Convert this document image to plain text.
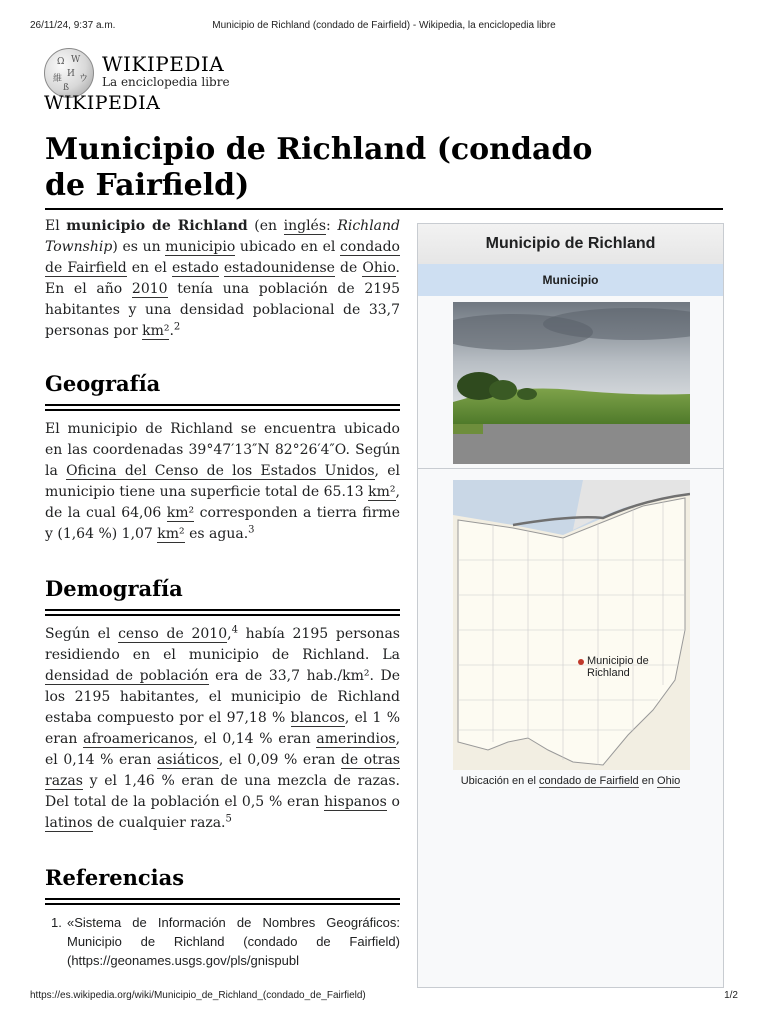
26/11/24, 9:37 a.m.	Municipio de Richland (condado de Fairfield) - Wikipedia, la enciclopedia libre
Ω W
維 И ウ
ß
WIKIPEDIA
La enciclopedia libre
WIKIPEDIA
Municipio de Richland (condado de Fairfield)

El municipio de Richland (en inglés: Richland Township) es un municipio ubicado en el condado de Fairfield en el estado estadounidense de Ohio. En el año 2010 tenía una población de 2195 habitantes y una densidad poblacional de 33,7 personas por km².$^2$

Geografía

El municipio de Richland se encuentra ubicado en las coordenadas 39°47′13″N 82°26′4″O. Según la Oficina del Censo de los Estados Unidos, el municipio tiene una superficie total de 65.13 km², de la cual 64,06 km² corresponden a tierra firme y (1,64 %) 1,07 km² es agua.$^3$

Demografía

Según el censo de 2010,$^4$ había 2195 personas residiendo en el municipio de Richland. La densidad de población era de 33,7 hab./km². De los 2195 habitantes, el municipio de Richland estaba compuesto por el 97,18 % blancos, el 1 % eran afroamericanos, el 0,14 % eran amerindios, el 0,14 % eran asiáticos, el 0,09 % eran de otras razas y el 1,46 % eran de una mezcla de razas. Del total de la población el 0,5 % eran hispanos o latinos de cualquier raza.$^5$

Referencias
1. «Sistema de Información de Nombres Geográficos: Municipio de Richland (condado de Fairfield) (https://geonames.usgs.gov/pls/gnispubl
Municipio de Richland
Municipio
Municipio de
Richland
Ubicación en el condado de Fairfield en Ohio
https://es.wikipedia.org/wiki/Municipio_de_Richland_(condado_de_Fairfield)	1/2
